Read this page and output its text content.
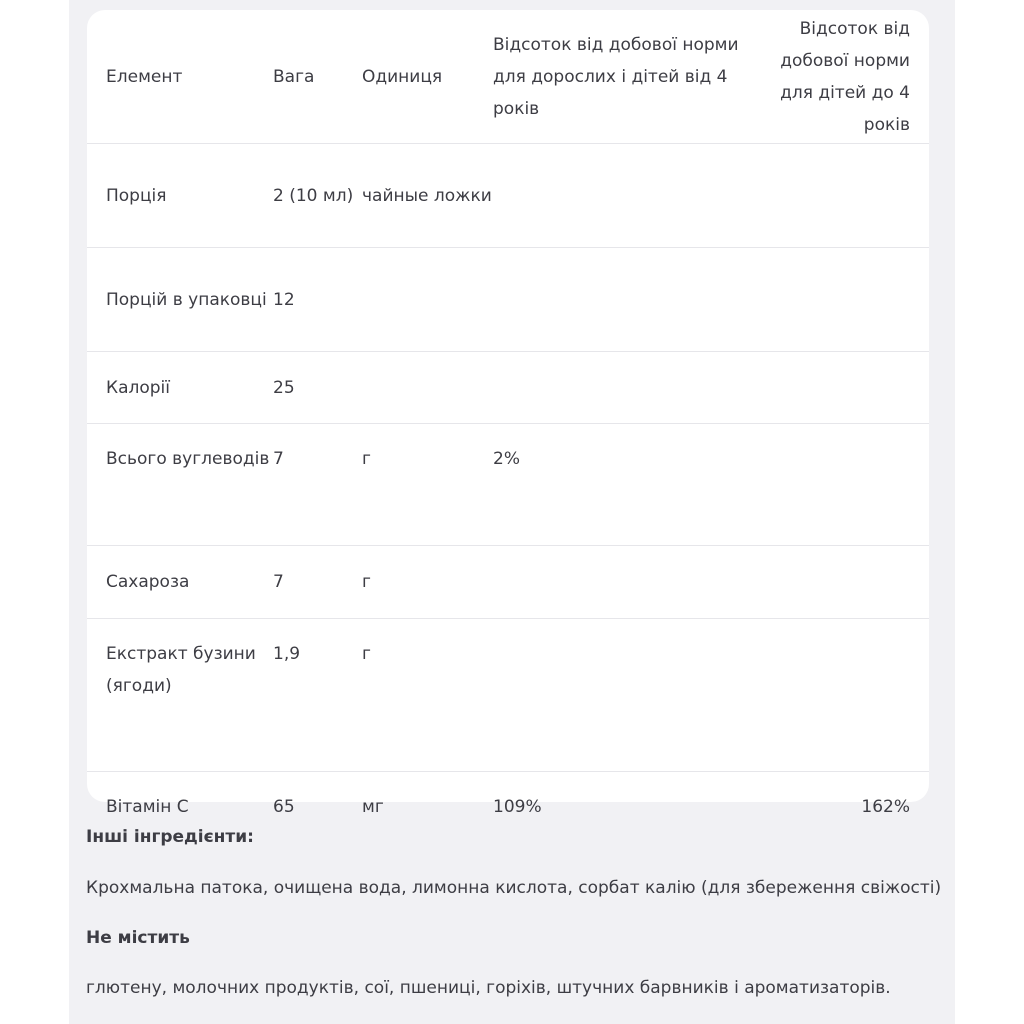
Елемент	Вага	Одиниця	Відсоток від добової норми для дорослих і дітей від 4 років	Відсоток від добової норми для дітей до 4 років
Порція	2 (10 мл)	чайные ложки		
Порцій в упаковці	12			
Калорії	25			
Всього вуглеводів	7	г	2%	
Сахароза	7	г		
Екстракт бузини (ягоди)	1,9	г		
Вітамін С	65	мг	109%	162%
Інші інгредієнти:
Крохмальна патока, очищена вода, лимонна кислота, сорбат калію (для збереження свіжості)
Не містить
глютену, молочних продуктів, сої, пшениці, горіхів, штучних барвників і ароматизаторів.
